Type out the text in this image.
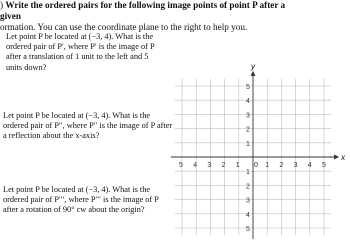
) Write the ordered pairs for the following image points of point P after a given
ormation. You can use the coordinate plane to the right to help you.
Let point P be located at (−3, 4). What is the ordered pair of P′, where P′ is the image of P after a translation of 1 unit to the left and 5 units down?
Let point P be located at (−3, 4). What is the ordered pair of P′′, where P′′ is the image of P after a reflection about the x-axis?
Let point P be located at (−3, 4). What is the ordered pair of P′′′, where P′′′ is the image of P after a rotation of 90° cw about the origin?
x
y
5 4 3 2 1 0 1 2 3 4 5
5
4
3
2
1
1
2
3
4
5
